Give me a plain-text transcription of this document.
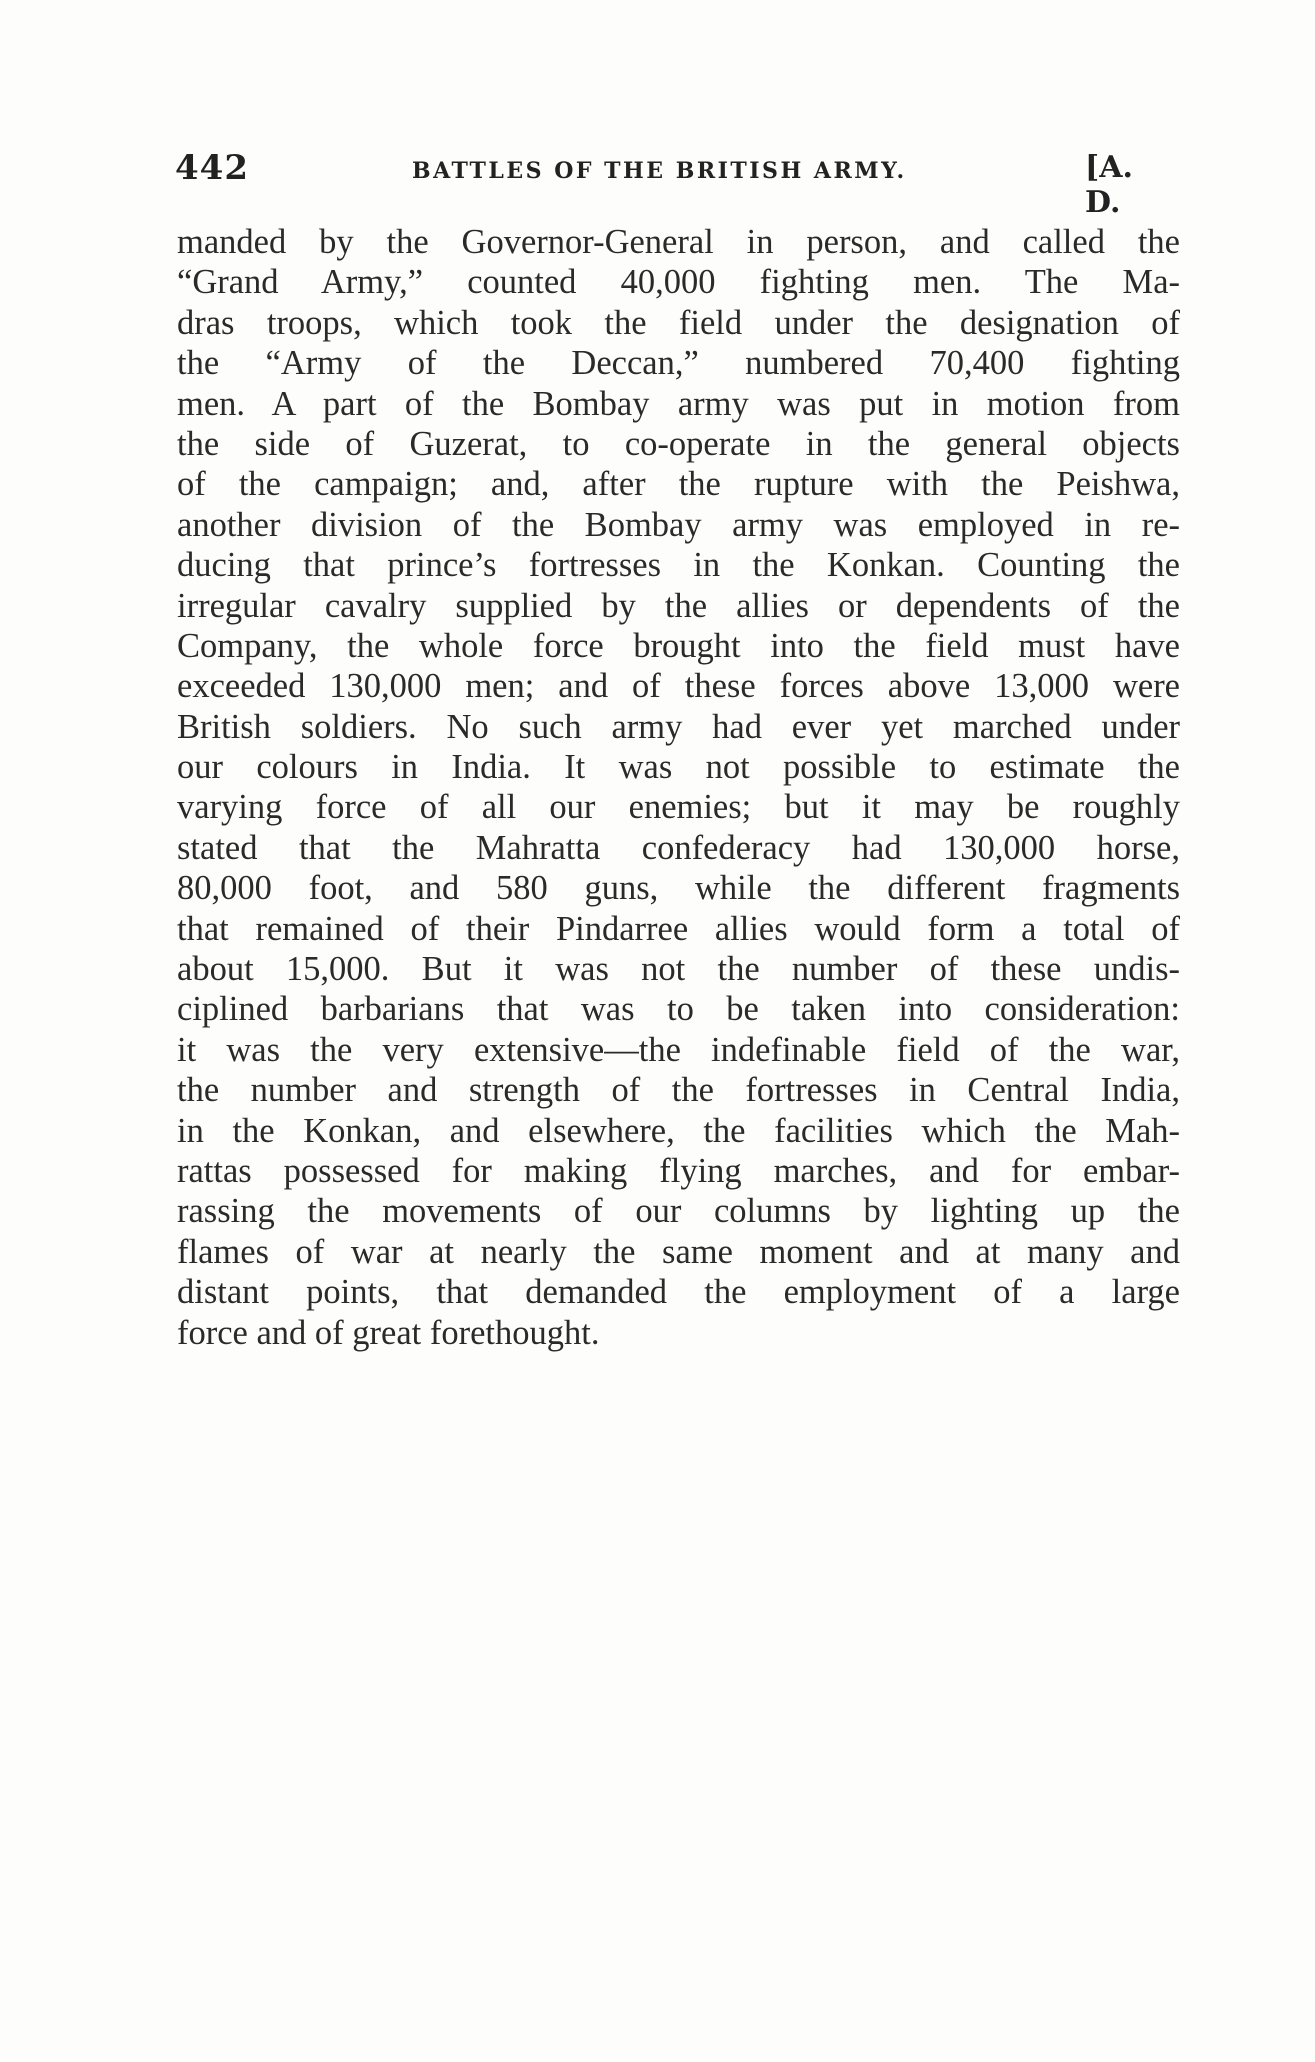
442	BATTLES OF THE BRITISH ARMY.	[A. D.
manded by the Governor-General in person, and called the
“Grand Army,” counted 40,000 fighting men. The Ma-
dras troops, which took the field under the designation of
the “Army of the Deccan,” numbered 70,400 fighting
men. A part of the Bombay army was put in motion from
the side of Guzerat, to co-operate in the general objects
of the campaign; and, after the rupture with the Peishwa,
another division of the Bombay army was employed in re-
ducing that prince’s fortresses in the Konkan. Counting the
irregular cavalry supplied by the allies or dependents of the
Company, the whole force brought into the field must have
exceeded 130,000 men; and of these forces above 13,000 were
British soldiers. No such army had ever yet marched under
our colours in India. It was not possible to estimate the
varying force of all our enemies; but it may be roughly
stated that the Mahratta confederacy had 130,000 horse,
80,000 foot, and 580 guns, while the different fragments
that remained of their Pindarree allies would form a total of
about 15,000. But it was not the number of these undis-
ciplined barbarians that was to be taken into consideration:
it was the very extensive—the indefinable field of the war,
the number and strength of the fortresses in Central India,
in the Konkan, and elsewhere, the facilities which the Mah-
rattas possessed for making flying marches, and for embar-
rassing the movements of our columns by lighting up the
flames of war at nearly the same moment and at many and
distant points, that demanded the employment of a large
force and of great forethought.
